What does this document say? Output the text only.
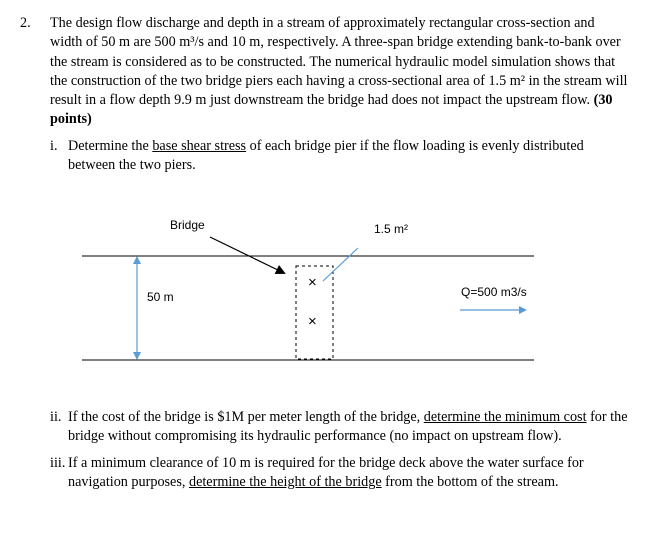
2. The design flow discharge and depth in a stream of approximately rectangular cross-section and width of 50 m are 500 m³/s and 10 m, respectively. A three-span bridge extending bank-to-bank over the stream is considered as to be constructed. The numerical hydraulic model simulation shows that the construction of the two bridge piers each having a cross-sectional area of 1.5 m² in the stream will result in a flow depth 9.9 m just downstream the bridge had does not impact the upstream flow. (30 points)
i. Determine the base shear stress of each bridge pier if the flow loading is evenly distributed between the two piers.
Bridge	1.5 m²
50 m	Q=500 m3/s
×
×
ii. If the cost of the bridge is $1M per meter length of the bridge, determine the minimum cost for the bridge without compromising its hydraulic performance (no impact on upstream flow).
iii. If a minimum clearance of 10 m is required for the bridge deck above the water surface for navigation purposes, determine the height of the bridge from the bottom of the stream.
